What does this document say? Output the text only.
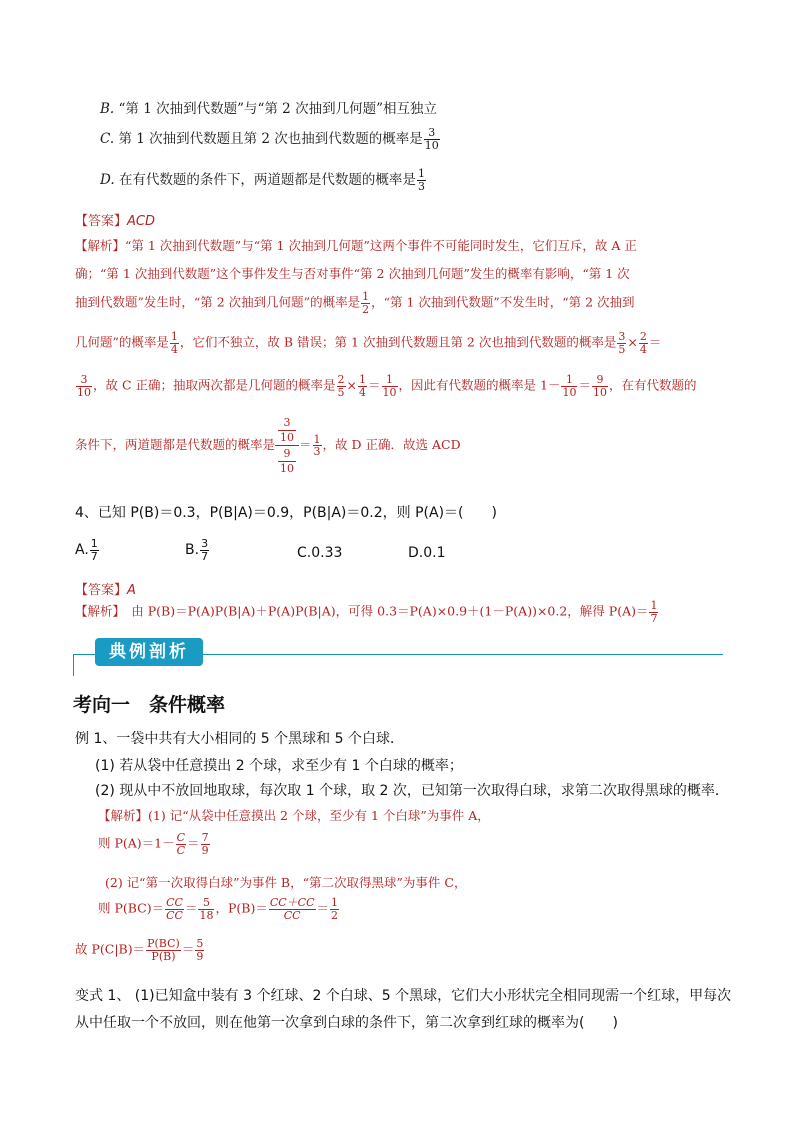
B. “第 1 次抽到代数题”与“第 2 次抽到几何题”相互独立
C. 第 1 次抽到代数题且第 2 次也抽到代数题的概率是 $\frac{3}{10}$
D. 在有代数题的条件下，两道题都是代数题的概率是 $\frac{1}{3}$
【答案】ACD
【解析】“第 1 次抽到代数题”与“第 1 次抽到几何题”这两个事件不可能同时发生，它们互斥，故 A 正
确；“第 1 次抽到代数题”这个事件发生与否对事件“第 2 次抽到几何题”发生的概率有影响，“第 1 次
抽到代数题”发生时，“第 2 次抽到几何题”的概率是 $\frac{1}{2}$ ，“第 1 次抽到代数题”不发生时，“第 2 次抽到
几何题”的概率是 $\frac{1}{4}$ ，它们不独立，故 B 错误；第 1 次抽到代数题且第 2 次也抽到代数题的概率是 $\frac{3}{5} \times \frac{2}{4}$ ＝
$\frac{3}{10}$ ，故 C 正确；抽取两次都是几何题的概率是 $\frac{2}{5} \times \frac{1}{4} = \frac{1}{10}$ ，因此有代数题的概率是 $1- \frac{1}{10} = \frac{9}{10}$ ，在有代数题的
条件下，两道题都是代数题的概率是 $\frac{\frac{3}{10}}{\frac{9}{10}} = \frac{1}{3}$ ，故 D 正确．故选 ACD
4、已知 P(B)＝0.3，P(B|A)＝0.9，P(B|A)＝0.2，则 P(A)＝(　　)
A. $\frac{1}{7}$	B. $\frac{3}{7}$	C.0.33	D.0.1
【答案】A
【解析】　 由 P(B)＝P(A)P(B|A)＋P(A)P(B|A)，可得 0.3＝P(A)×0.9＋(1－P(A))×0.2，解得 $P(A)= \frac{1}{7}$
典例剖析
考向一　条件概率
例 1、一袋中共有大小相同的 5 个黑球和 5 个白球．
(1) 若从袋中任意摸出 2 个球，求至少有 1 个白球的概率；
(2) 现从中不放回地取球，每次取 1 个球，取 2 次，已知第一次取得白球，求第二次取得黑球的概率．
【解析】(1) 记“从袋中任意摸出 2 个球，至少有 1 个白球”为事件 A，
则 $P(A)=1- \frac{C}{C} = \frac{7}{9}$
(2) 记“第一次取得白球”为事件 B，“第二次取得黑球”为事件 C，
则 $P(BC)= \frac{CC}{CC} = \frac{5}{18}$ ，$P(B)= \frac{CC+CC}{CC} = \frac{1}{2}$
故 $P(C|B)= \frac{P(BC)}{P(B)} = \frac{5}{9}$
变式 1、 (1)已知盒中装有 3 个红球、2 个白球、5 个黑球，它们大小形状完全相同现需一个红球，甲每次
从中任取一个不放回，则在他第一次拿到白球的条件下，第二次拿到红球的概率为(　　)
